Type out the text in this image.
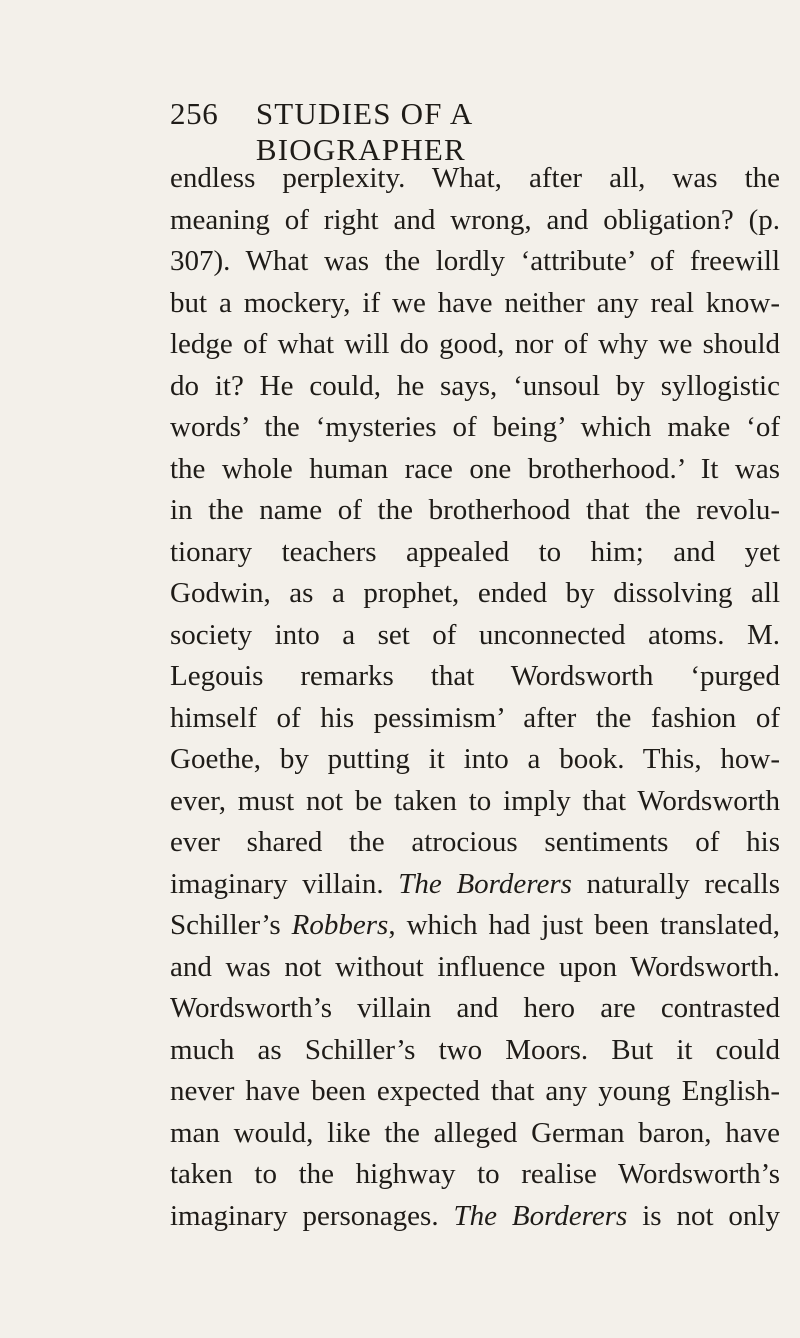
256	STUDIES OF A BIOGRAPHER
endless perplexity. What, after all, was the
meaning of right and wrong, and obligation? (p.
307). What was the lordly ‘attribute’ of freewill
but a mockery, if we have neither any real know-
ledge of what will do good, nor of why we should
do it? He could, he says, ‘unsoul by syllogistic
words’ the ‘mysteries of being’ which make ‘of
the whole human race one brotherhood.’ It was
in the name of the brotherhood that the revolu-
tionary teachers appealed to him; and yet
Godwin, as a prophet, ended by dissolving all
society into a set of unconnected atoms. M.
Legouis remarks that Wordsworth ‘purged
himself of his pessimism’ after the fashion of
Goethe, by putting it into a book. This, how-
ever, must not be taken to imply that Wordsworth
ever shared the atrocious sentiments of his
imaginary villain. The Borderers naturally recalls
Schiller’s Robbers, which had just been translated,
and was not without influence upon Wordsworth.
Wordsworth’s villain and hero are contrasted
much as Schiller’s two Moors. But it could
never have been expected that any young English-
man would, like the alleged German baron, have
taken to the highway to realise Wordsworth’s
imaginary personages. The Borderers is not only
